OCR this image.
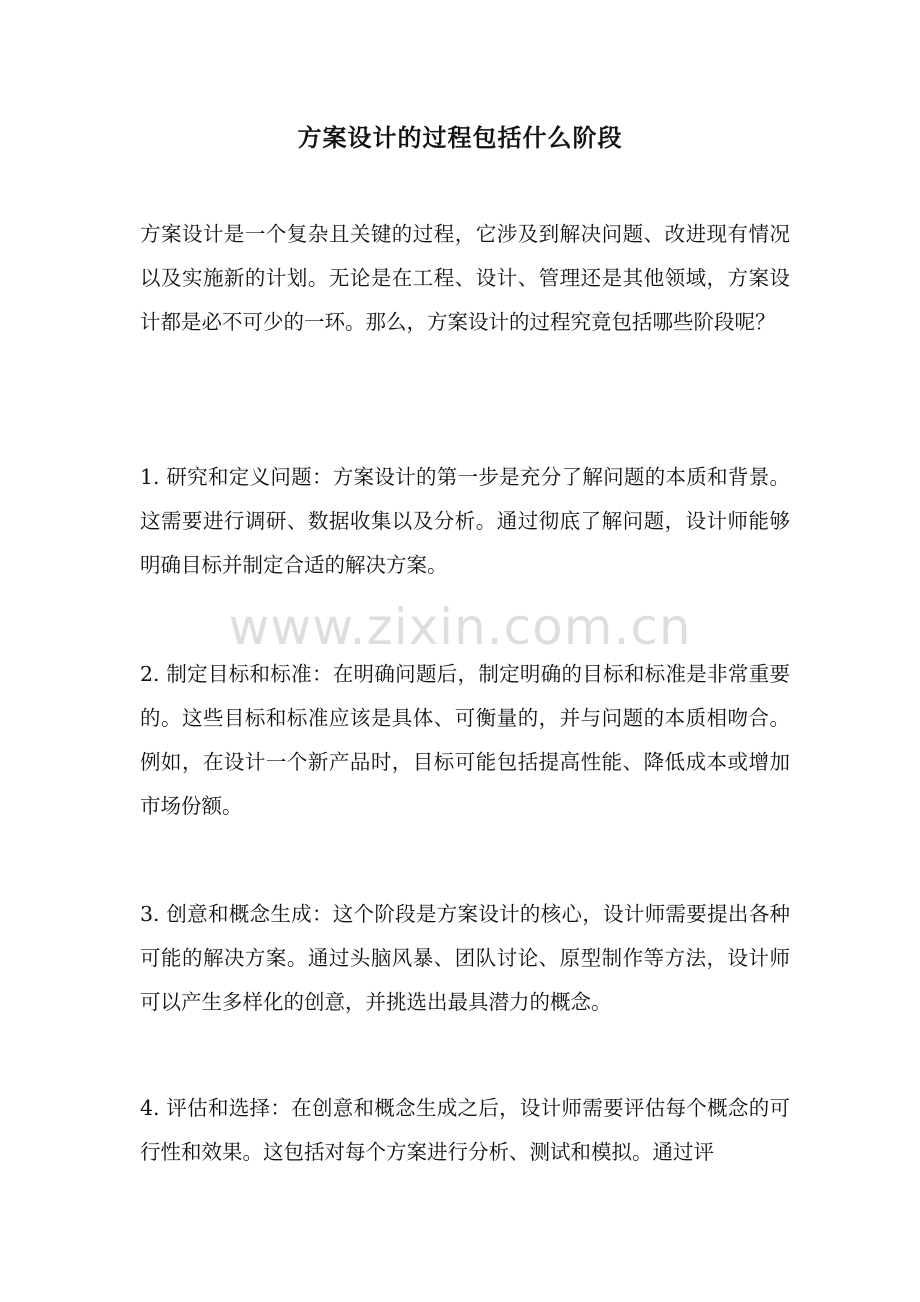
方案设计的过程包括什么阶段

方案设计是一个复杂且关键的过程，它涉及到解决问题、改进现有情况以及实施新的计划。无论是在工程、设计、管理还是其他领域，方案设计都是必不可少的一环。那么，方案设计的过程究竟包括哪些阶段呢？

1. 研究和定义问题：方案设计的第一步是充分了解问题的本质和背景。这需要进行调研、数据收集以及分析。通过彻底了解问题，设计师能够明确目标并制定合适的解决方案。

2. 制定目标和标准：在明确问题后，制定明确的目标和标准是非常重要的。这些目标和标准应该是具体、可衡量的，并与问题的本质相吻合。例如，在设计一个新产品时，目标可能包括提高性能、降低成本或增加市场份额。

3. 创意和概念生成：这个阶段是方案设计的核心，设计师需要提出各种可能的解决方案。通过头脑风暴、团队讨论、原型制作等方法，设计师可以产生多样化的创意，并挑选出最具潜力的概念。

4. 评估和选择：在创意和概念生成之后，设计师需要评估每个概念的可行性和效果。这包括对每个方案进行分析、测试和模拟。通过评

www.zixin.com.cn
